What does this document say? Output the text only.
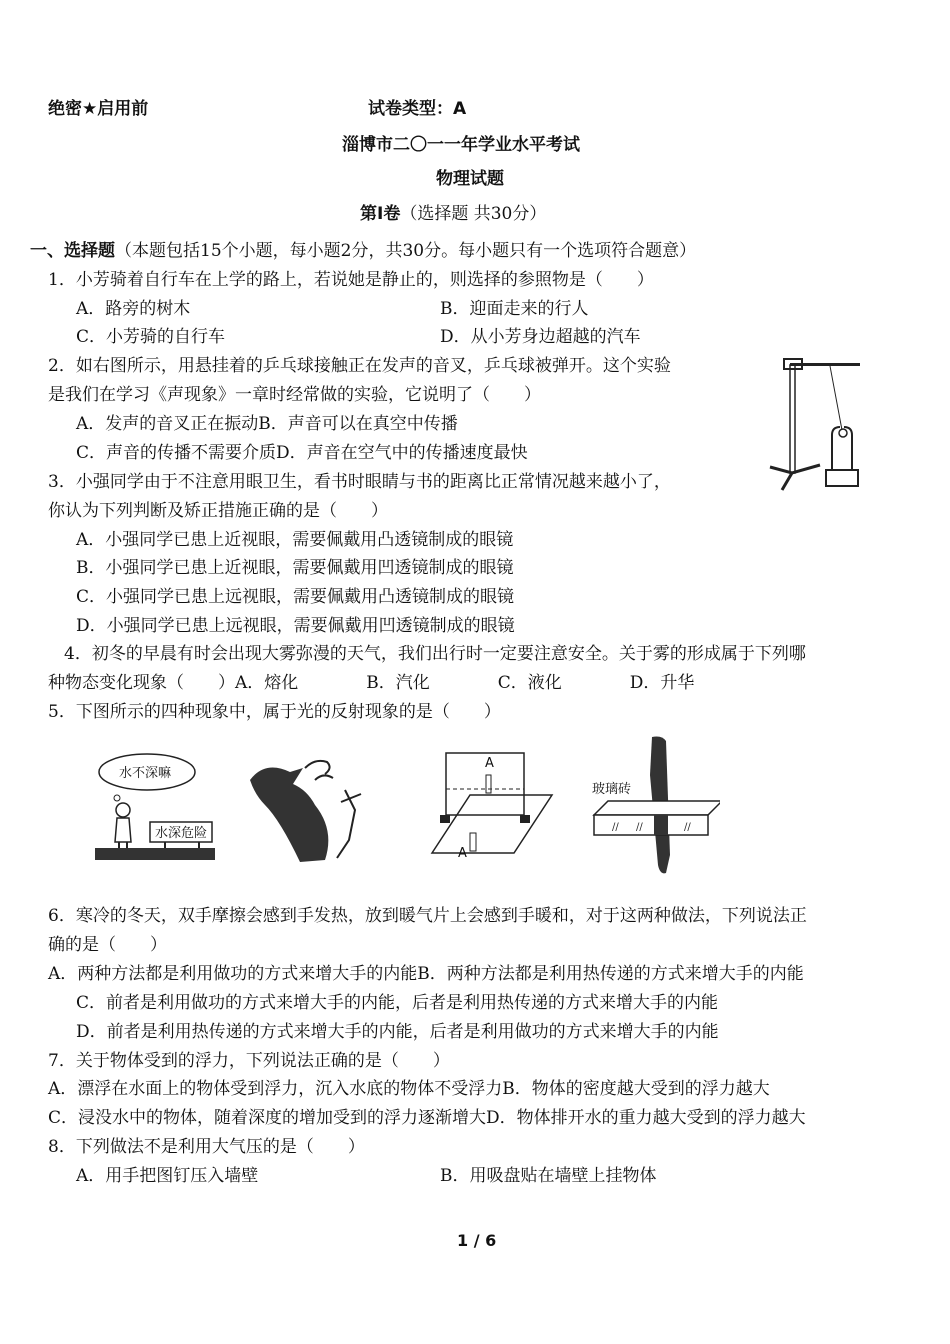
绝密★启用前	试卷类型：A
淄博市二〇一一年学业水平考试
物理试题
第Ⅰ卷（选择题 共30分）
一、选择题（本题包括15个小题，每小题2分，共30分。每小题只有一个选项符合题意）
1．小芳骑着自行车在上学的路上，若说她是静止的，则选择的参照物是（　　）
A．路旁的树木	B．迎面走来的行人
C．小芳骑的自行车	D．从小芳身边超越的汽车
2．如右图所示，用悬挂着的乒乓球接触正在发声的音叉，乒乓球被弹开。这个实验
是我们在学习《声现象》一章时经常做的实验，它说明了（　　）
A．发声的音叉正在振动B．声音可以在真空中传播
C．声音的传播不需要介质D．声音在空气中的传播速度最快
3．小强同学由于不注意用眼卫生，看书时眼睛与书的距离比正常情况越来越小了，
你认为下列判断及矫正措施正确的是（　　）
A．小强同学已患上近视眼，需要佩戴用凸透镜制成的眼镜
B．小强同学已患上近视眼，需要佩戴用凹透镜制成的眼镜
C．小强同学已患上远视眼，需要佩戴用凸透镜制成的眼镜
D．小强同学已患上远视眼，需要佩戴用凹透镜制成的眼镜
4．初冬的早晨有时会出现大雾弥漫的天气，我们出行时一定要注意安全。关于雾的形成属于下列哪
种物态变化现象（　　）A．熔化　　　　B．汽化　　　　C．液化　　　　D．升华
5．下图所示的四种现象中，属于光的反射现象的是（　　）
水不深嘛
水深危险
A
A
玻璃砖
// //	//
6．寒冷的冬天，双手摩擦会感到手发热，放到暖气片上会感到手暖和，对于这两种做法，下列说法正
确的是（　　）
A．两种方法都是利用做功的方式来增大手的内能B．两种方法都是利用热传递的方式来增大手的内能
C．前者是利用做功的方式来增大手的内能，后者是利用热传递的方式来增大手的内能
D．前者是利用热传递的方式来增大手的内能，后者是利用做功的方式来增大手的内能
7．关于物体受到的浮力，下列说法正确的是（　　）
A．漂浮在水面上的物体受到浮力，沉入水底的物体不受浮力B．物体的密度越大受到的浮力越大
C．浸没水中的物体，随着深度的增加受到的浮力逐渐增大D．物体排开水的重力越大受到的浮力越大
8．下列做法不是利用大气压的是（　　）
A．用手把图钉压入墙壁	B．用吸盘贴在墙壁上挂物体
1 / 6
